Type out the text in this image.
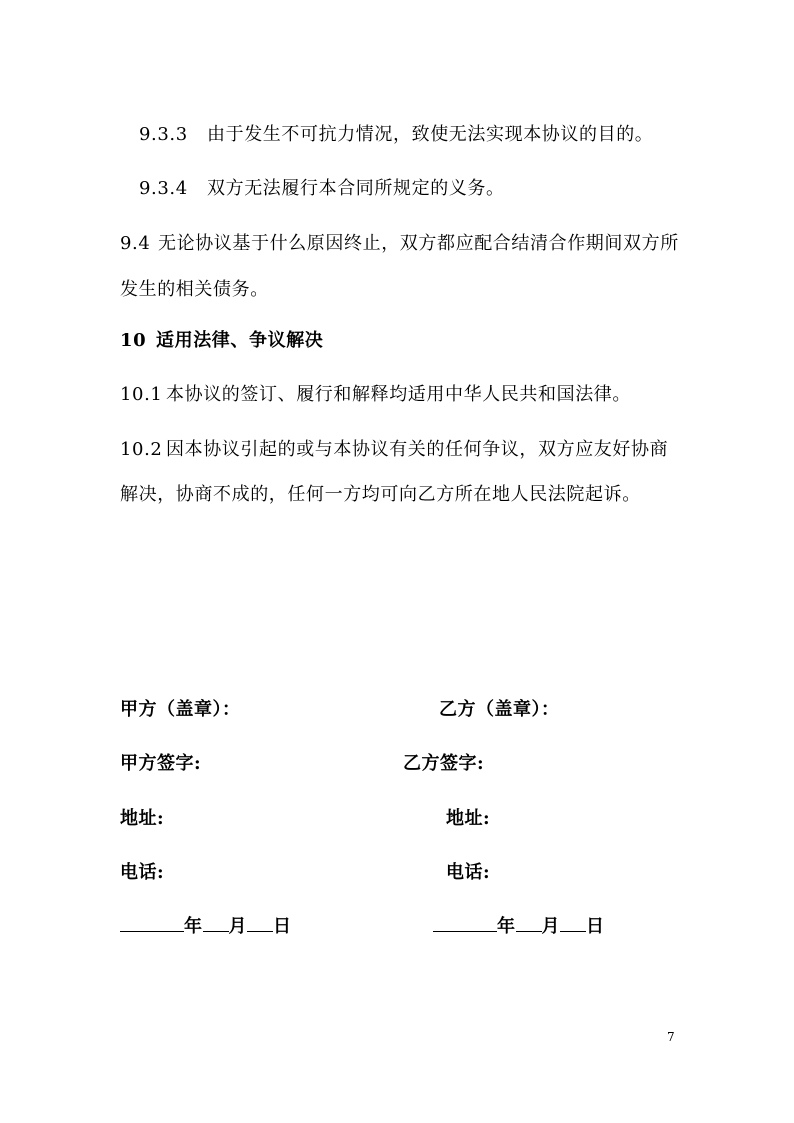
9.3.3 由于发生不可抗力情况，致使无法实现本协议的目的。
9.3.4 双方无法履行本合同所规定的义务。
9.4 无论协议基于什么原因终止，双方都应配合结清合作期间双方所
发生的相关债务。
10 适用法律、争议解决
10.1 本协议的签订、履行和解释均适用中华人民共和国法律。
10.2 因本协议引起的或与本协议有关的任何争议，双方应友好协商
解决，协商不成的，任何一方均可向乙方所在地人民法院起诉。
甲方（盖章）：
甲方签字:
地址:
电话:
乙方（盖章）：
乙方签字:
地址:
电话:
年 月 日	年 月 日
7
